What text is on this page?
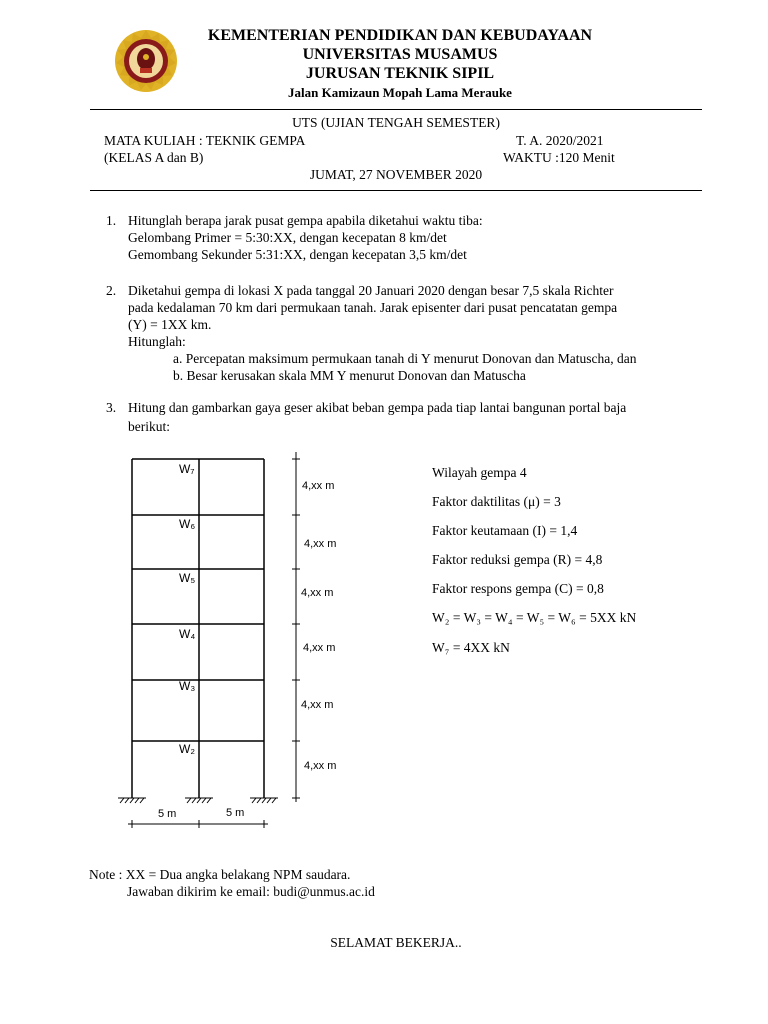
KEMENTERIAN PENDIDIKAN DAN KEBUDAYAAN
UNIVERSITAS MUSAMUS
JURUSAN TEKNIK SIPIL
Jalan Kamizaun Mopah Lama Merauke
UTS (UJIAN TENGAH SEMESTER)
MATA KULIAH : TEKNIK GEMPA	T. A. 2020/2021
(KELAS A dan B)	WAKTU :120 Menit
JUMAT, 27 NOVEMBER 2020
1. Hitunglah berapa jarak pusat gempa apabila diketahui waktu tiba:
Gelombang Primer = 5:30:XX, dengan kecepatan 8 km/det
Gemombang Sekunder 5:31:XX, dengan kecepatan 3,5 km/det
2. Diketahui gempa di lokasi X pada tanggal 20 Januari 2020 dengan besar 7,5 skala Richter
pada kedalaman 70 km dari permukaan tanah. Jarak episenter dari pusat pencatatan gempa
(Y) = 1XX km.
Hitunglah:
a. Percepatan maksimum permukaan tanah di Y menurut Donovan dan Matuscha, dan
b. Besar kerusakan skala MM Y menurut Donovan dan Matuscha
3. Hitung dan gambarkan gaya geser akibat beban gempa pada tiap lantai bangunan portal baja
berikut:
W₇
W₆
W₅
W₄
W₃
W₂
4,xx m
4,xx m
4,xx m
4,xx m
4,xx m
4,xx m
5 m	5 m
Wilayah gempa 4
Faktor daktilitas (μ) = 3
Faktor keutamaan (I) = 1,4
Faktor reduksi gempa (R) = 4,8
Faktor respons gempa (C) = 0,8
W₂ = W₃ = W₄ = W₅ = W₆ = 5XX kN
W₇ = 4XX kN
Note : XX = Dua angka belakang NPM saudara.
Jawaban dikirim ke email: budi@unmus.ac.id
SELAMAT BEKERJA..
